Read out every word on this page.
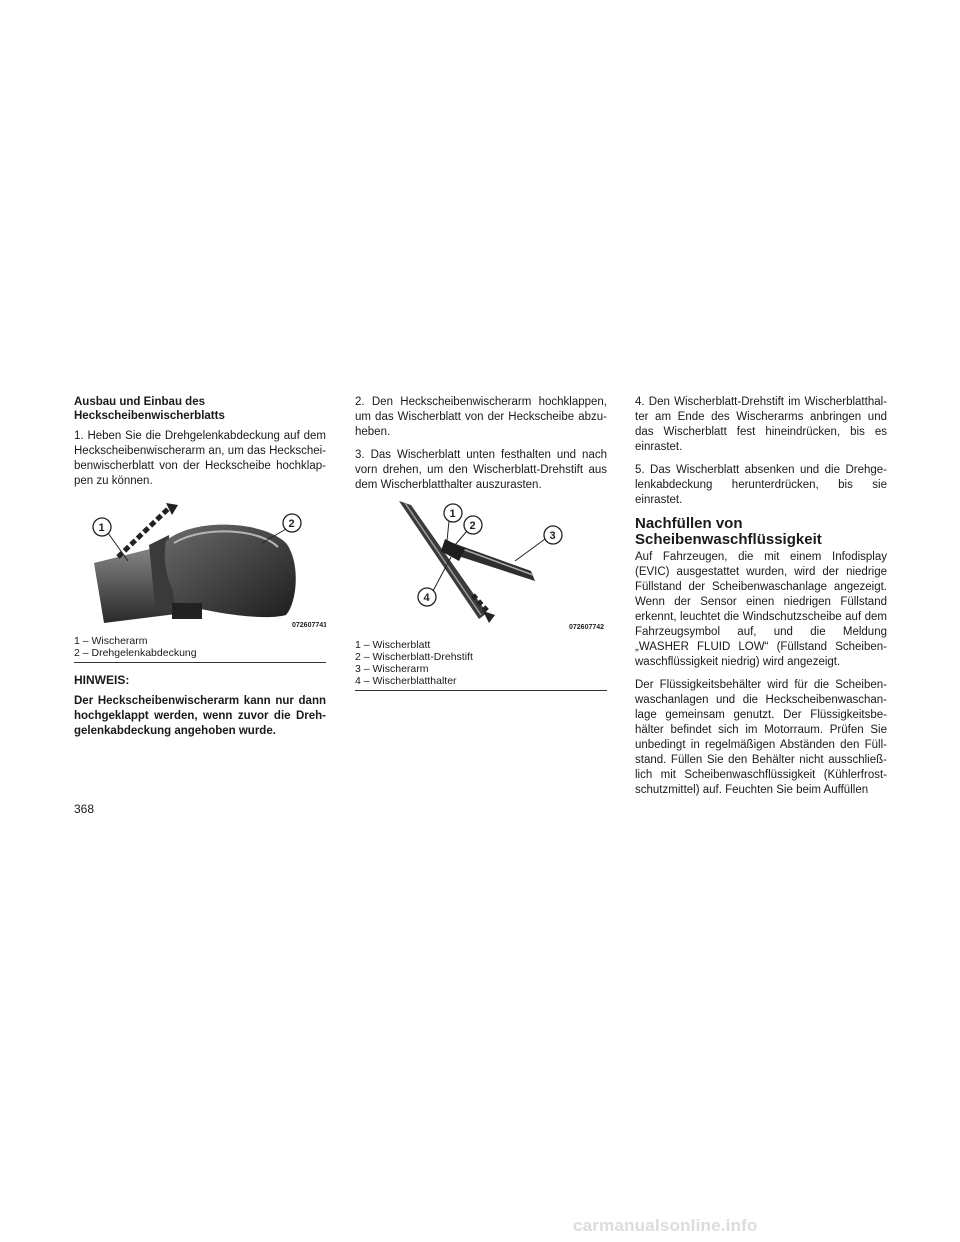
Ausbau und Einbau des Heckscheibenwischerblatts

1. Heben Sie die Drehgelenkabdeckung auf dem Heckscheibenwischerarm an, um das Heckschei-benwischerblatt von der Heckscheibe hochklap-pen zu können.

1	2
072607741
1 – Wischerarm
2 – Drehgelenkabdeckung
HINWEIS:

Der Heckscheibenwischerarm kann nur dann hochgeklappt werden, wenn zuvor die Dreh-gelenkabdeckung angehoben wurde.

2. Den Heckscheibenwischerarm hochklappen, um das Wischerblatt von der Heckscheibe abzu-heben.

3. Das Wischerblatt unten festhalten und nach vorn drehen, um den Wischerblatt-Drehstift aus dem Wischerblatthalter auszurasten.

1
2
3
4
072607742
1 – Wischerblatt
2 – Wischerblatt-Drehstift
3 – Wischerarm
4 – Wischerblatthalter

4. Den Wischerblatt-Drehstift im Wischerblatthal-ter am Ende des Wischerarms anbringen und das Wischerblatt fest hineindrücken, bis es einrastet.

5. Das Wischerblatt absenken und die Drehge-lenkabdeckung herunterdrücken, bis sie einrastet.

Nachfüllen von Scheibenwaschflüssigkeit

Auf Fahrzeugen, die mit einem Infodisplay (EVIC) ausgestattet wurden, wird der niedrige Füllstand der Scheibenwaschanlage angezeigt. Wenn der Sensor einen niedrigen Füllstand erkennt, leuchtet die Windschutzscheibe auf dem Fahrzeugsymbol auf, und die Meldung „WASHER FLUID LOW“ (Füllstand Scheiben-waschflüssigkeit niedrig) wird angezeigt.

Der Flüssigkeitsbehälter wird für die Scheiben-waschanlagen und die Heckscheibenwaschan-lage gemeinsam genutzt. Der Flüssigkeitsbe-hälter befindet sich im Motorraum. Prüfen Sie unbedingt in regelmäßigen Abständen den Füll-stand. Füllen Sie den Behälter nicht ausschließ-lich mit Scheibenwaschflüssigkeit (Kühlerfrost-schutzmittel) auf. Feuchten Sie beim Auffüllen

368
carmanualsonline.info
